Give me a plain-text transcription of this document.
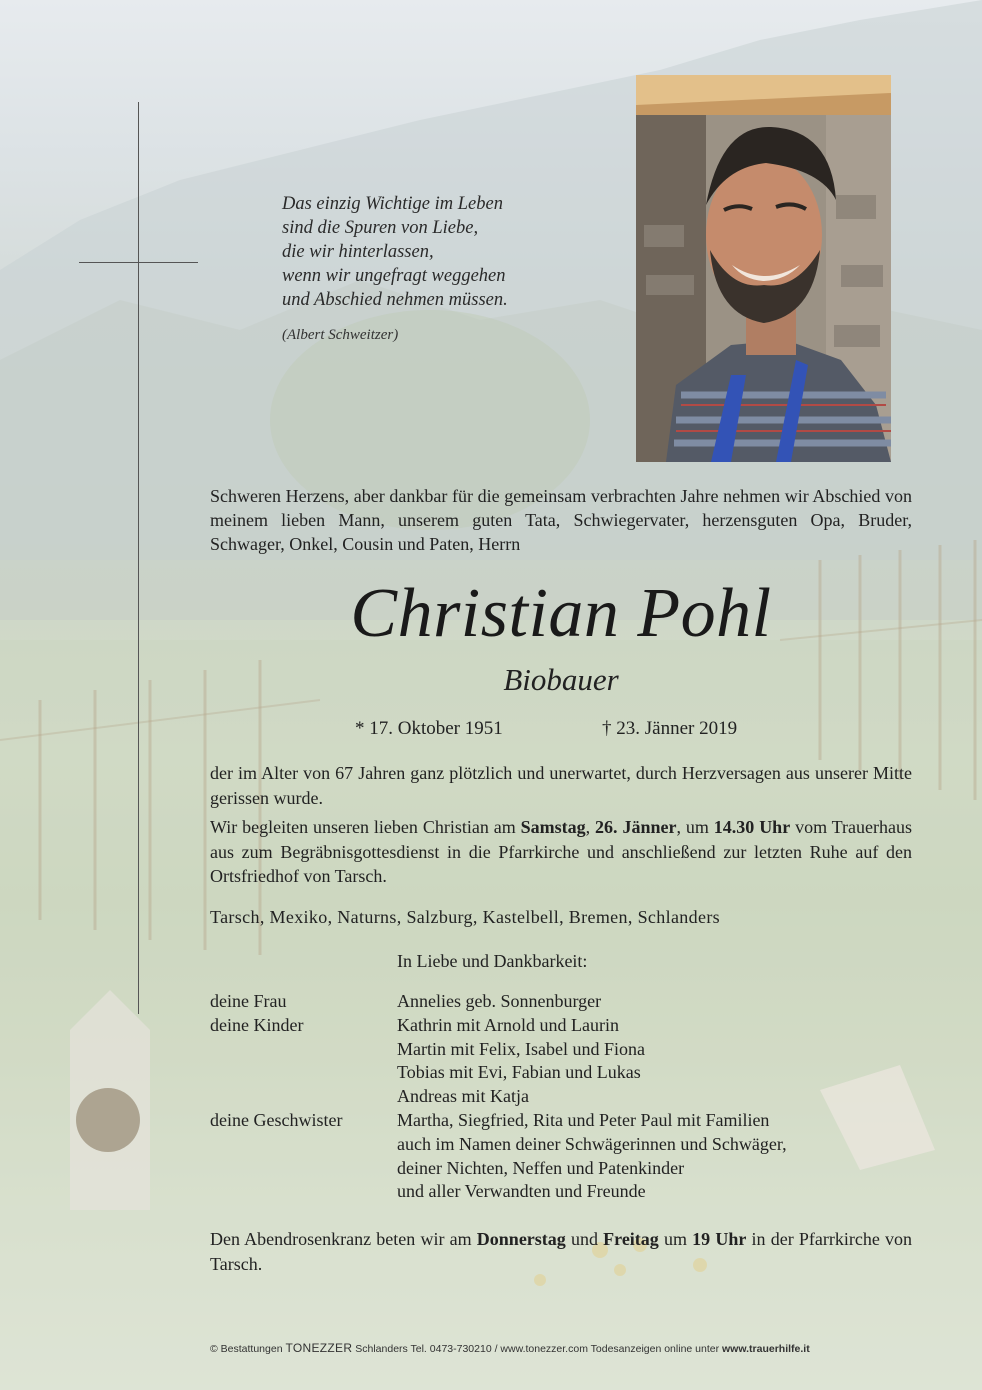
Das einzig Wichtige im Leben

sind die Spuren von Liebe,

die wir hinterlassen,

wenn wir ungefragt weggehen

und Abschied nehmen müssen.

(Albert Schweitzer)
Schweren Herzens, aber dankbar für die gemeinsam verbrachten Jahre nehmen wir Abschied von meinem lieben Mann, unserem guten Tata, Schwiegervater, herzensguten Opa, Bruder, Schwager, Onkel, Cousin und Paten, Herrn
Christian Pohl
Biobauer
* 17. Oktober 1951	† 23. Jänner 2019
der im Alter von 67 Jahren ganz plötzlich und unerwartet, durch Herzversagen aus unserer Mitte gerissen wurde.
Wir begleiten unseren lieben Christian am Samstag, 26. Jänner, um 14.30 Uhr vom Trauerhaus aus zum Begräbnisgottesdienst in die Pfarrkirche und anschließend zur letzten Ruhe auf den Ortsfriedhof von Tarsch.
Tarsch, Mexiko, Naturns, Salzburg, Kastelbell, Bremen, Schlanders
In Liebe und Dankbarkeit:
deine Frau	Annelies geb. Sonnenburger
deine Kinder	Kathrin mit Arnold und Laurin
Martin mit Felix, Isabel und Fiona
Tobias mit Evi, Fabian und Lukas
Andreas mit Katja
deine Geschwister	Martha, Siegfried, Rita und Peter Paul mit Familien
auch im Namen deiner Schwägerinnen und Schwäger,
deiner Nichten, Neffen und Patenkinder
und aller Verwandten und Freunde
Den Abendrosenkranz beten wir am Donnerstag und Freitag um 19 Uhr in der Pfarrkirche von Tarsch.
© Bestattungen TONEZZER Schlanders Tel. 0473-730210 / www.tonezzer.com Todesanzeigen online unter www.trauerhilfe.it
